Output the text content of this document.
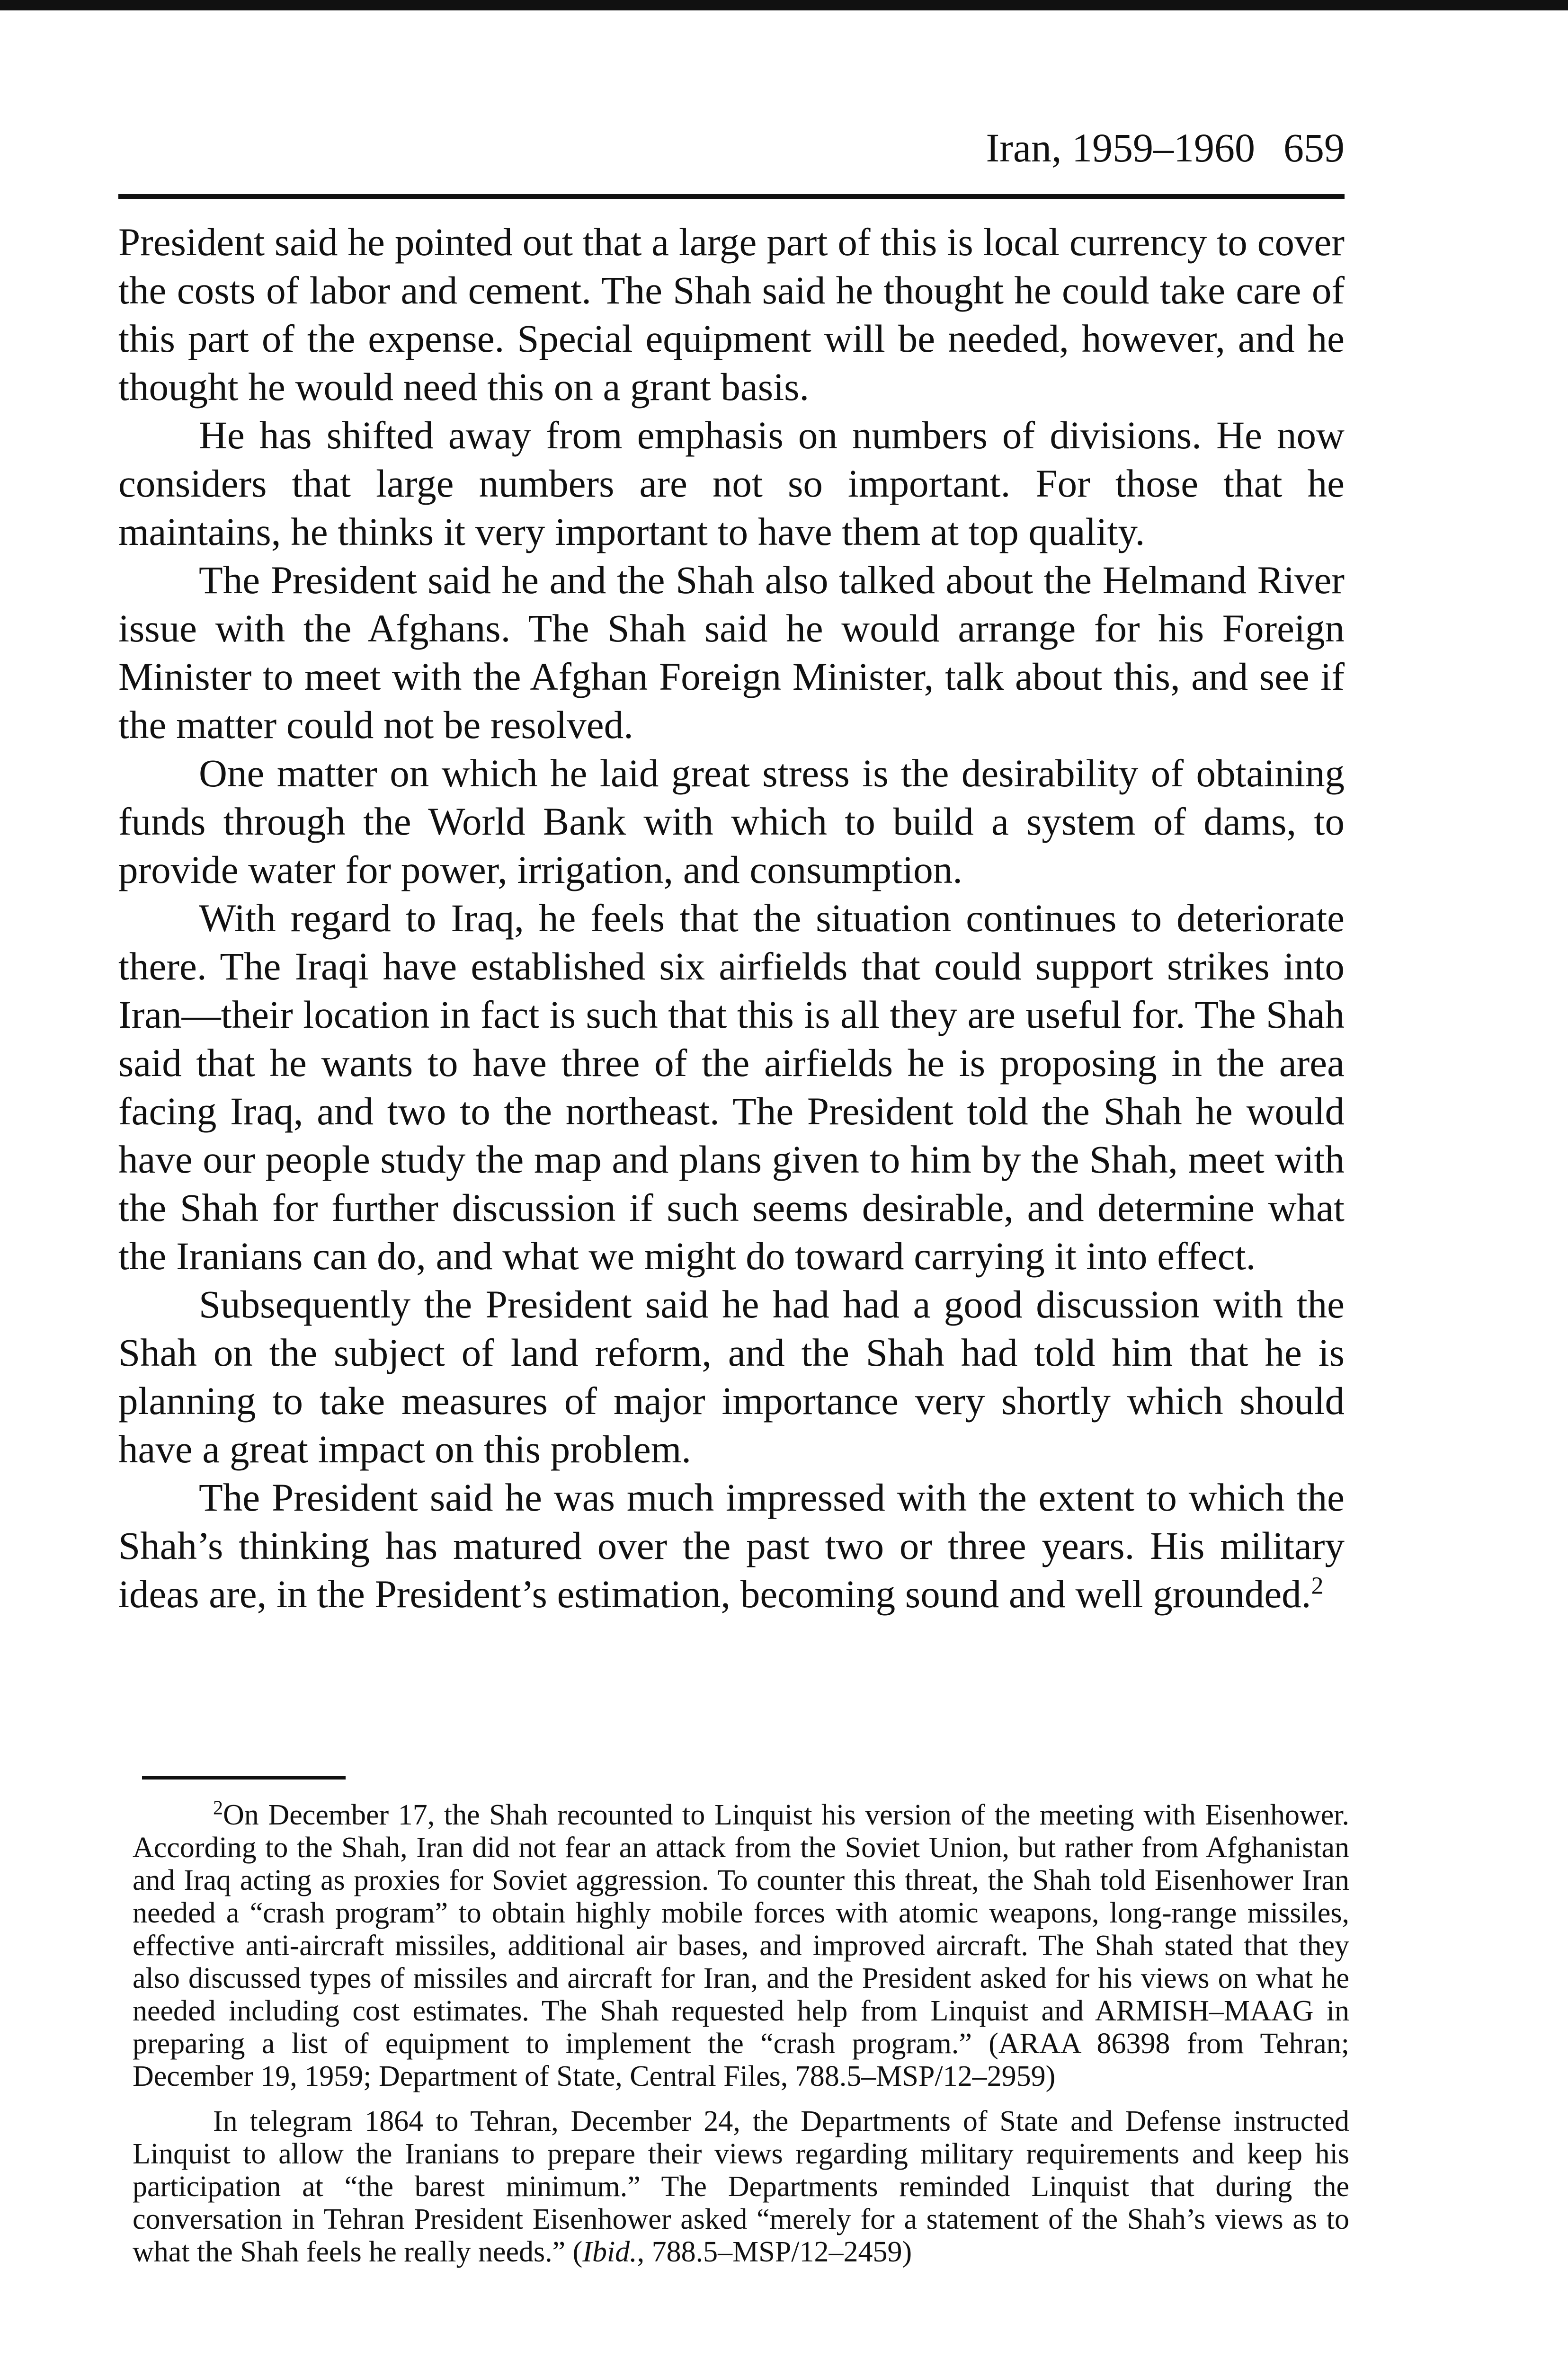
Iran, 1959–1960 659

President said he pointed out that a large part of this is local currency to cover the costs of labor and cement. The Shah said he thought he could take care of this part of the expense. Special equipment will be needed, however, and he thought he would need this on a grant basis.

He has shifted away from emphasis on numbers of divisions. He now considers that large numbers are not so important. For those that he maintains, he thinks it very important to have them at top quality.

The President said he and the Shah also talked about the Helmand River issue with the Afghans. The Shah said he would arrange for his Foreign Minister to meet with the Afghan Foreign Minister, talk about this, and see if the matter could not be resolved.

One matter on which he laid great stress is the desirability of obtaining funds through the World Bank with which to build a system of dams, to provide water for power, irrigation, and consumption.

With regard to Iraq, he feels that the situation continues to deteriorate there. The Iraqi have established six airfields that could support strikes into Iran—their location in fact is such that this is all they are useful for. The Shah said that he wants to have three of the airfields he is proposing in the area facing Iraq, and two to the northeast. The President told the Shah he would have our people study the map and plans given to him by the Shah, meet with the Shah for further discussion if such seems desirable, and determine what the Iranians can do, and what we might do toward carrying it into effect.

Subsequently the President said he had had a good discussion with the Shah on the subject of land reform, and the Shah had told him that he is planning to take measures of major importance very shortly which should have a great impact on this problem.

The President said he was much impressed with the extent to which the Shah’s thinking has matured over the past two or three years. His military ideas are, in the President’s estimation, becoming sound and well grounded.$^2$

$^2$On December 17, the Shah recounted to Linquist his version of the meeting with Eisenhower. According to the Shah, Iran did not fear an attack from the Soviet Union, but rather from Afghanistan and Iraq acting as proxies for Soviet aggression. To counter this threat, the Shah told Eisenhower Iran needed a “crash program” to obtain highly mobile forces with atomic weapons, long-range missiles, effective anti-aircraft missiles, additional air bases, and improved aircraft. The Shah stated that they also discussed types of missiles and aircraft for Iran, and the President asked for his views on what he needed including cost estimates. The Shah requested help from Linquist and ARMISH–MAAG in preparing a list of equipment to implement the “crash program.” (ARAA 86398 from Tehran; December 19, 1959; Department of State, Central Files, 788.5–MSP/12–2959)

In telegram 1864 to Tehran, December 24, the Departments of State and Defense instructed Linquist to allow the Iranians to prepare their views regarding military requirements and keep his participation at “the barest minimum.” The Departments reminded Linquist that during the conversation in Tehran President Eisenhower asked “merely for a statement of the Shah’s views as to what the Shah feels he really needs.” (Ibid., 788.5–MSP/12–2459)
